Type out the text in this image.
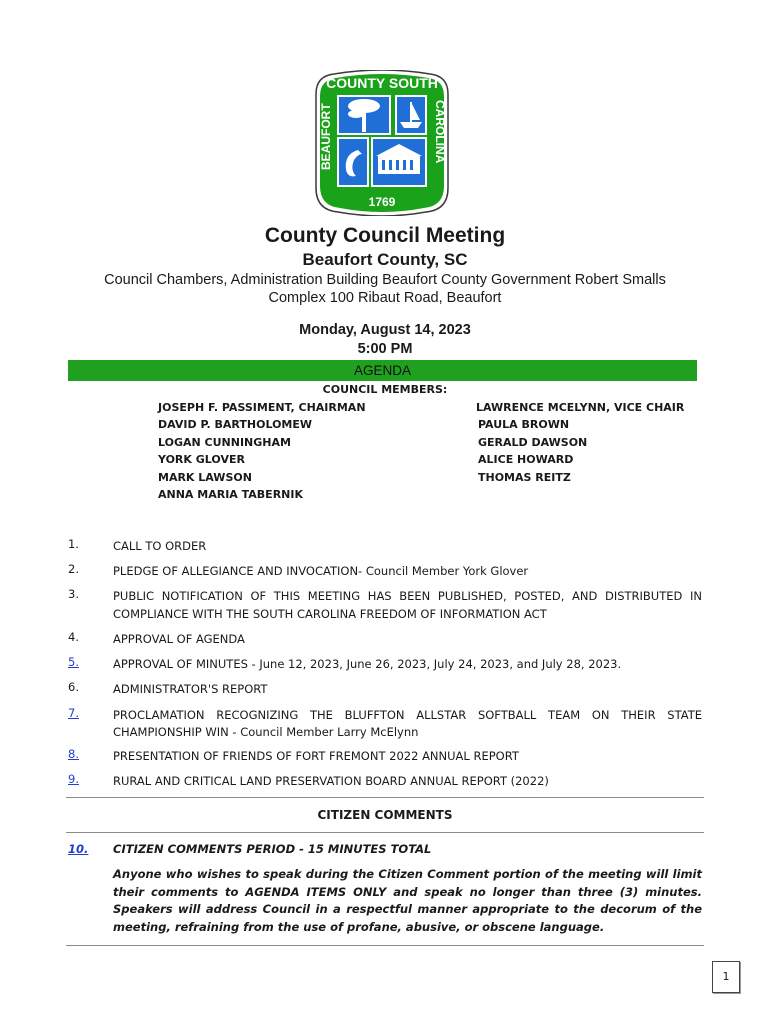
COUNTY SOUTH
BEAUFORT	CAROLINA
1769
County Council Meeting
Beaufort County, SC
Council Chambers, Administration Building Beaufort County Government Robert Smalls
Complex 100 Ribaut Road, Beaufort
Monday, August 14, 2023
5:00 PM
AGENDA
COUNCIL MEMBERS:
JOSEPH F. PASSIMENT, CHAIRMAN
DAVID P. BARTHOLOMEW
LOGAN CUNNINGHAM
YORK GLOVER
MARK LAWSON
ANNA MARIA TABERNIK
LAWRENCE MCELYNN, VICE CHAIR
PAULA BROWN
GERALD DAWSON
ALICE HOWARD
THOMAS REITZ
1.	CALL TO ORDER
2.	PLEDGE OF ALLEGIANCE AND INVOCATION- Council Member York Glover
3.	PUBLIC NOTIFICATION OF THIS MEETING HAS BEEN PUBLISHED, POSTED, AND DISTRIBUTED IN
COMPLIANCE WITH THE SOUTH CAROLINA FREEDOM OF INFORMATION ACT
4.	APPROVAL OF AGENDA
5.	APPROVAL OF MINUTES - June 12, 2023, June 26, 2023, July 24, 2023, and July 28, 2023.
6.	ADMINISTRATOR'S REPORT
7.	PROCLAMATION RECOGNIZING THE BLUFFTON ALLSTAR SOFTBALL TEAM ON THEIR STATE
CHAMPIONSHIP WIN - Council Member Larry McElynn
8.	PRESENTATION OF FRIENDS OF FORT FREMONT 2022 ANNUAL REPORT
9.	RURAL AND CRITICAL LAND PRESERVATION BOARD ANNUAL REPORT (2022)
CITIZEN COMMENTS
10. CITIZEN COMMENTS PERIOD - 15 MINUTES TOTAL
Anyone who wishes to speak during the Citizen Comment portion of the meeting will limit their comments to AGENDA ITEMS ONLY and speak no longer than three (3) minutes. Speakers will address Council in a respectful manner appropriate to the decorum of the meeting, refraining from the use of profane, abusive, or obscene language.
1
